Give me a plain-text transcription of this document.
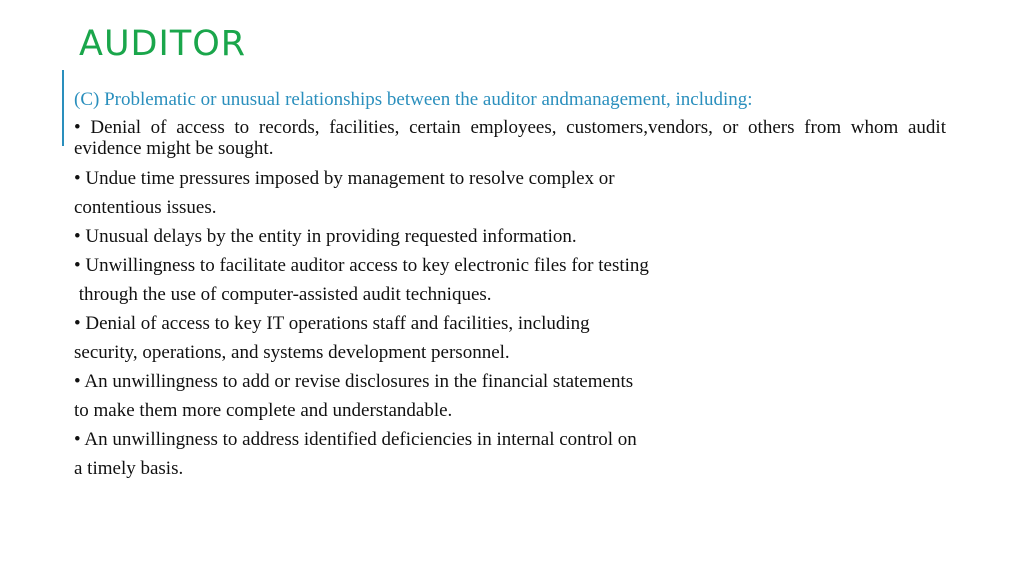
AUDITOR
(C) Problematic or unusual relationships between the auditor andmanagement, including:
• Denial of access to records, facilities, certain employees, customers,vendors, or others from whom audit evidence might be sought.
• Undue time pressures imposed by management to resolve complex or
contentious issues.
• Unusual delays by the entity in providing requested information.
• Unwillingness to facilitate auditor access to key electronic files for testing
through the use of computer-assisted audit techniques.
• Denial of access to key IT operations staff and facilities, including
security, operations, and systems development personnel.
• An unwillingness to add or revise disclosures in the financial statements
to make them more complete and understandable.
• An unwillingness to address identified deficiencies in internal control on
a timely basis.
